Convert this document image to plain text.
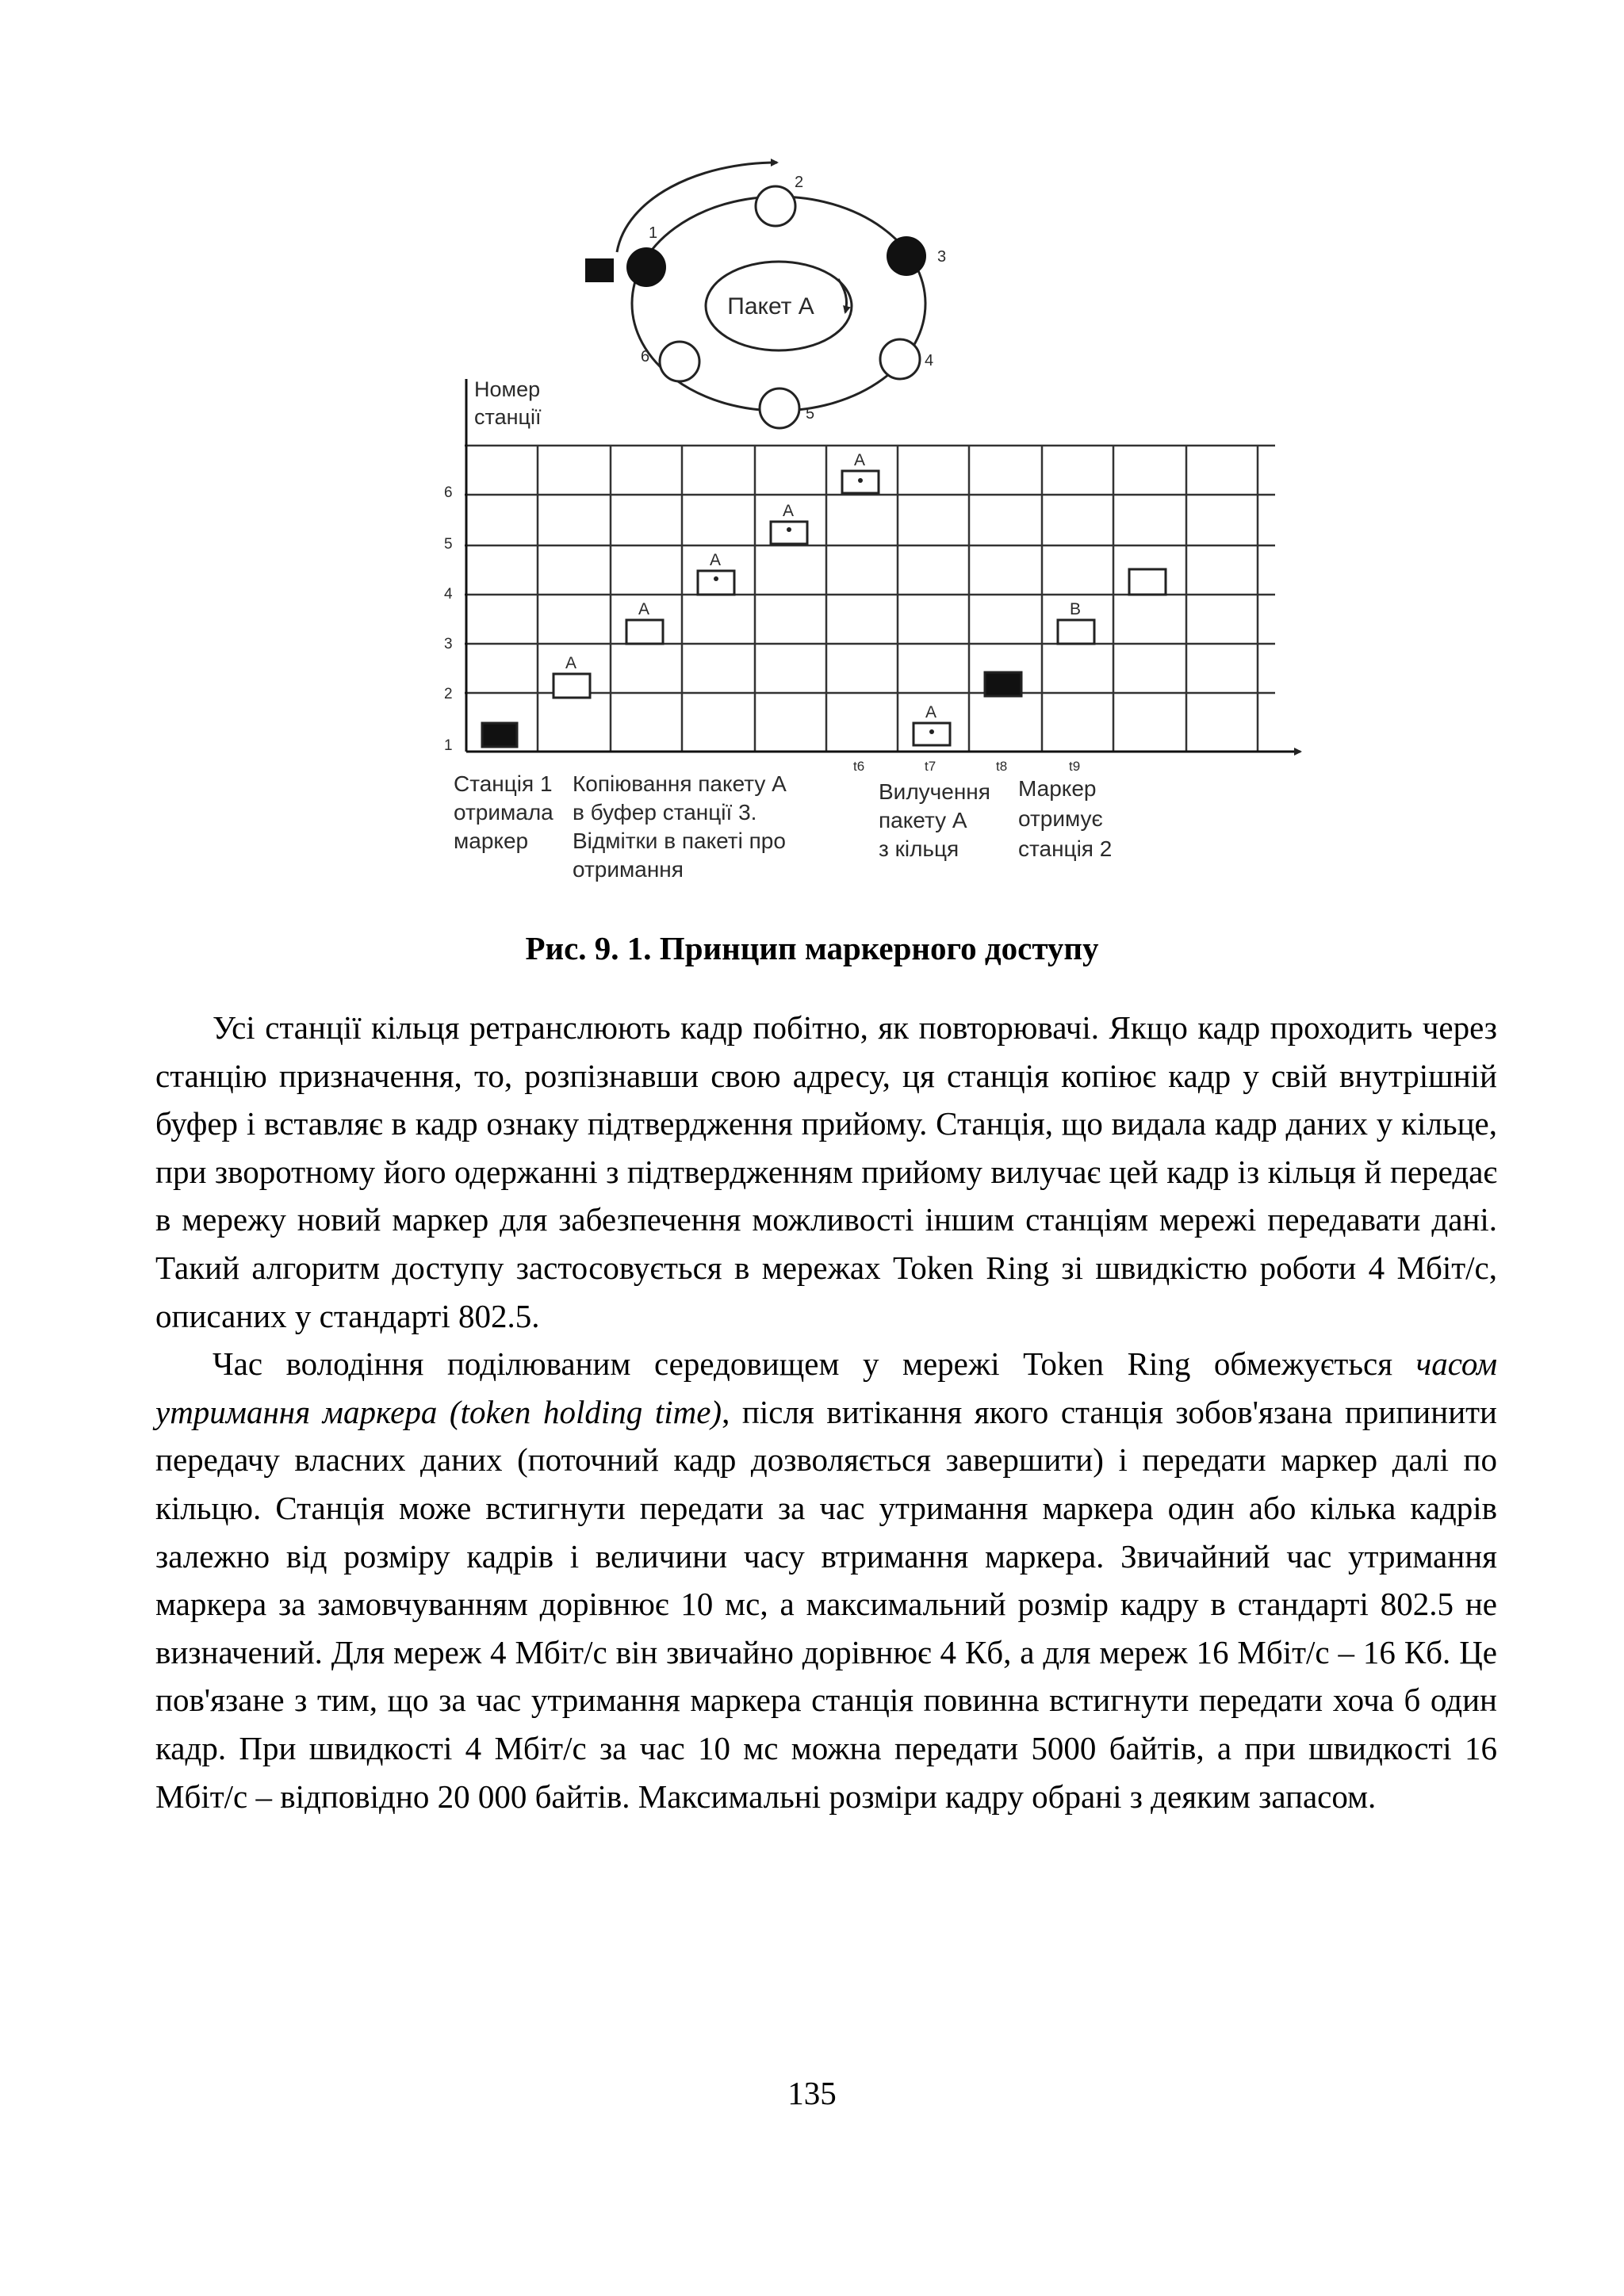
Пакет А
1
2
3
4
5
6
Номер
станції
1
2
3
4
5
6
A
A
A
A
A
A
B
t6	t7	t8	t9
Станція 1
отримала
маркер
Копіювання пакету А
в буфер станції 3.
Відмітки в пакеті про
отримання
Вилучення
пакету А
з кільця
Маркер
отримує
станція 2
Рис. 9. 1. Принцип маркерного доступу

Усі станції кільця ретранслюють кадр побітно, як повторювачі. Якщо кадр проходить через станцію призначення, то, розпізнавши свою адресу, ця станція копіює кадр у свій внутрішній буфер і вставляє в кадр ознаку підтвердження прийому. Станція, що видала кадр даних у кільце, при зворотному його одержанні з підтвердженням прийому вилучає цей кадр із кільця й передає в мережу новий маркер для забезпечення можливості іншим станціям мережі передавати дані. Такий алгоритм доступу застосовується в мережах Token Ring зі швидкістю роботи 4 Мбіт/с, описаних у стандарті 802.5.

Час володіння поділюваним середовищем у мережі Token Ring обмежується часом утримання маркера (token holding time), після витікання якого станція зобов'язана припинити передачу власних даних (поточний кадр дозволяється завершити) і передати маркер далі по кільцю. Станція може встигнути передати за час утримання маркера один або кілька кадрів залежно від розміру кадрів і величини часу втримання маркера. Звичайний час утримання маркера за замовчуванням дорівнює 10 мс, а максимальний розмір кадру в стандарті 802.5 не визначений. Для мереж 4 Мбіт/с він звичайно дорівнює 4 Кб, а для мереж 16 Мбіт/с – 16 Кб. Це пов'язане з тим, що за час утримання маркера станція повинна встигнути передати хоча б один кадр. При швидкості 4 Мбіт/с за час 10 мс можна передати 5000 байтів, а при швидкості 16 Мбіт/с – відповідно 20 000 байтів. Максимальні розміри кадру обрані з деяким запасом.

135
